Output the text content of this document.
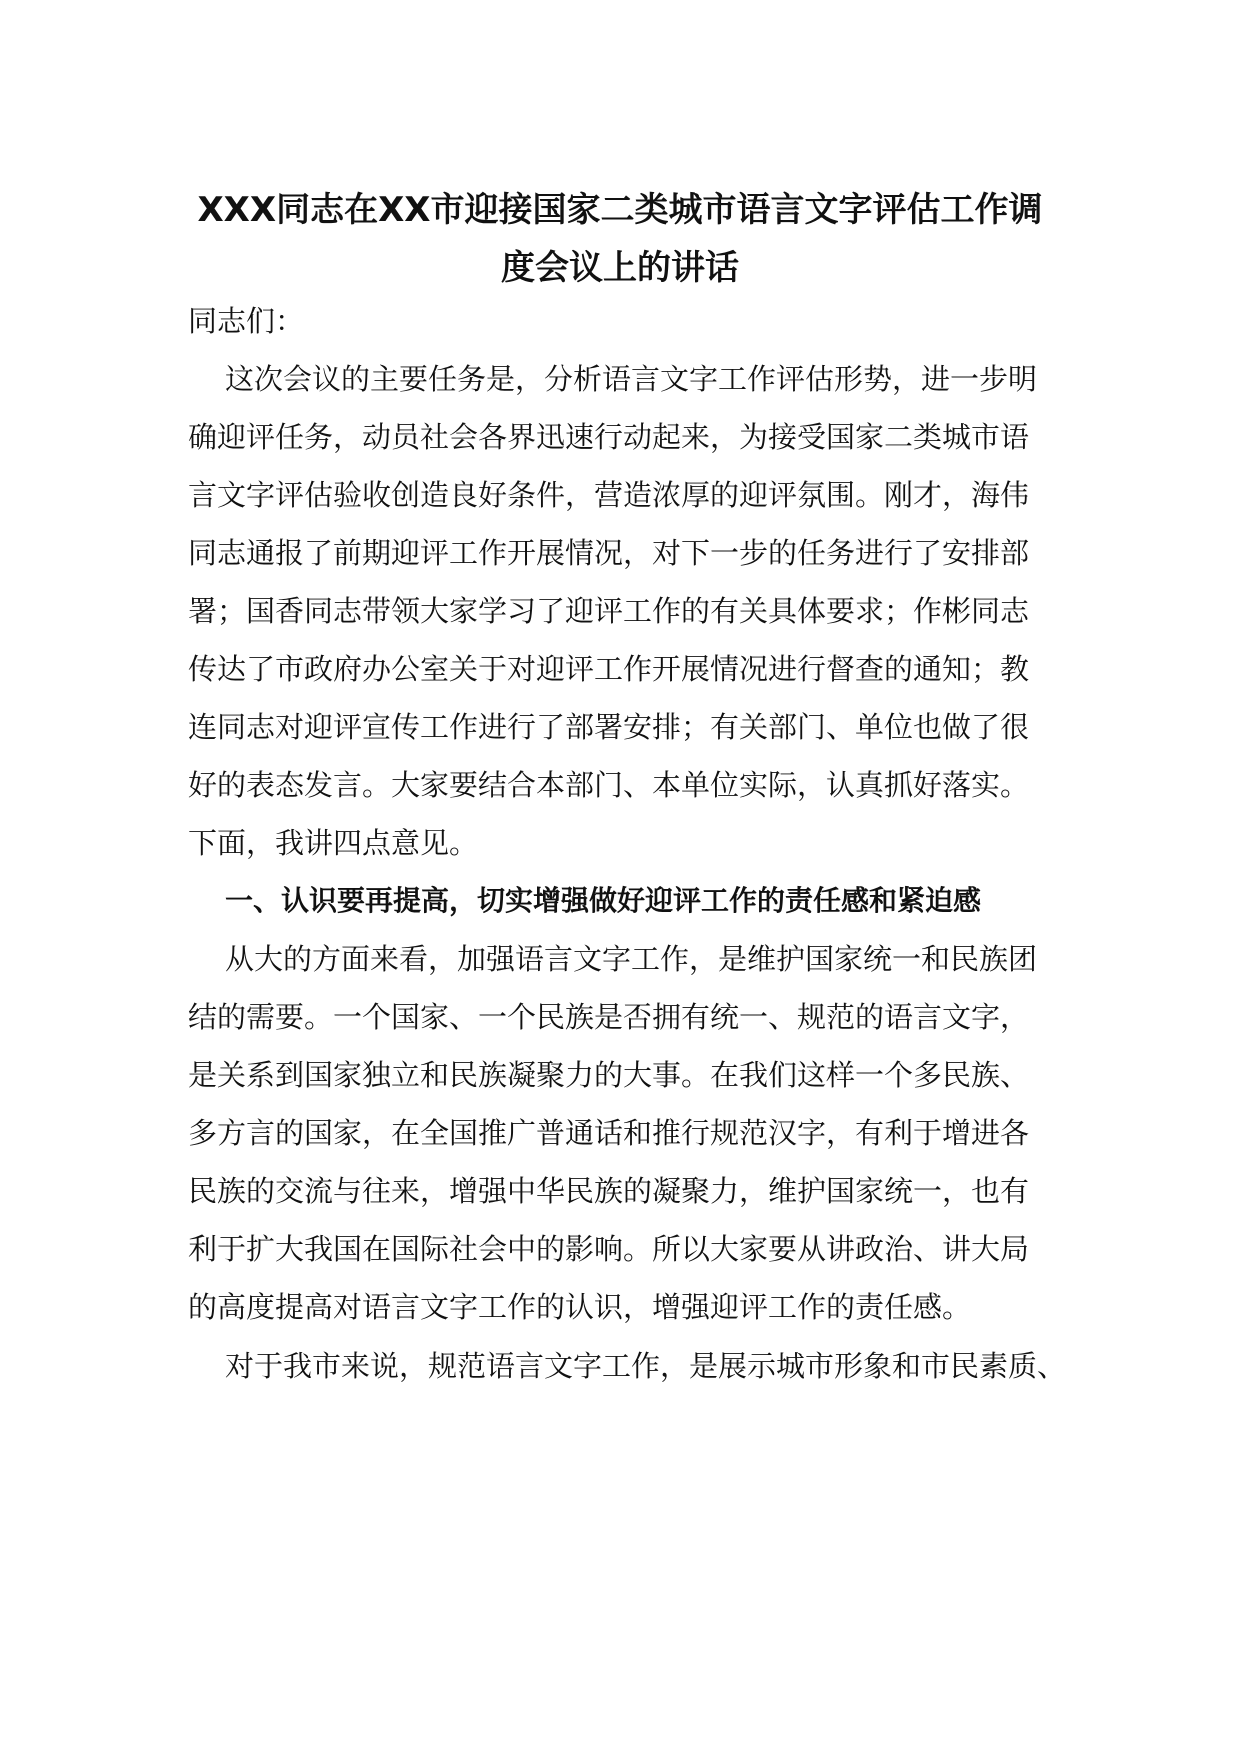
XXX同志在XX市迎接国家二类城市语言文字评估工作调
度会议上的讲话
同志们：
这次会议的主要任务是，分析语言文字工作评估形势，进一步明
确迎评任务，动员社会各界迅速行动起来，为接受国家二类城市语
言文字评估验收创造良好条件，营造浓厚的迎评氛围。刚才，海伟
同志通报了前期迎评工作开展情况，对下一步的任务进行了安排部
署；国香同志带领大家学习了迎评工作的有关具体要求；作彬同志
传达了市政府办公室关于对迎评工作开展情况进行督查的通知；教
连同志对迎评宣传工作进行了部署安排；有关部门、单位也做了很
好的表态发言。大家要结合本部门、本单位实际，认真抓好落实。
下面，我讲四点意见。
一、认识要再提高，切实增强做好迎评工作的责任感和紧迫感
从大的方面来看，加强语言文字工作，是维护国家统一和民族团
结的需要。一个国家、一个民族是否拥有统一、规范的语言文字，
是关系到国家独立和民族凝聚力的大事。在我们这样一个多民族、
多方言的国家，在全国推广普通话和推行规范汉字，有利于增进各
民族的交流与往来，增强中华民族的凝聚力，维护国家统一，也有
利于扩大我国在国际社会中的影响。所以大家要从讲政治、讲大局
的高度提高对语言文字工作的认识，增强迎评工作的责任感。
对于我市来说，规范语言文字工作，是展示城市形象和市民素质、
